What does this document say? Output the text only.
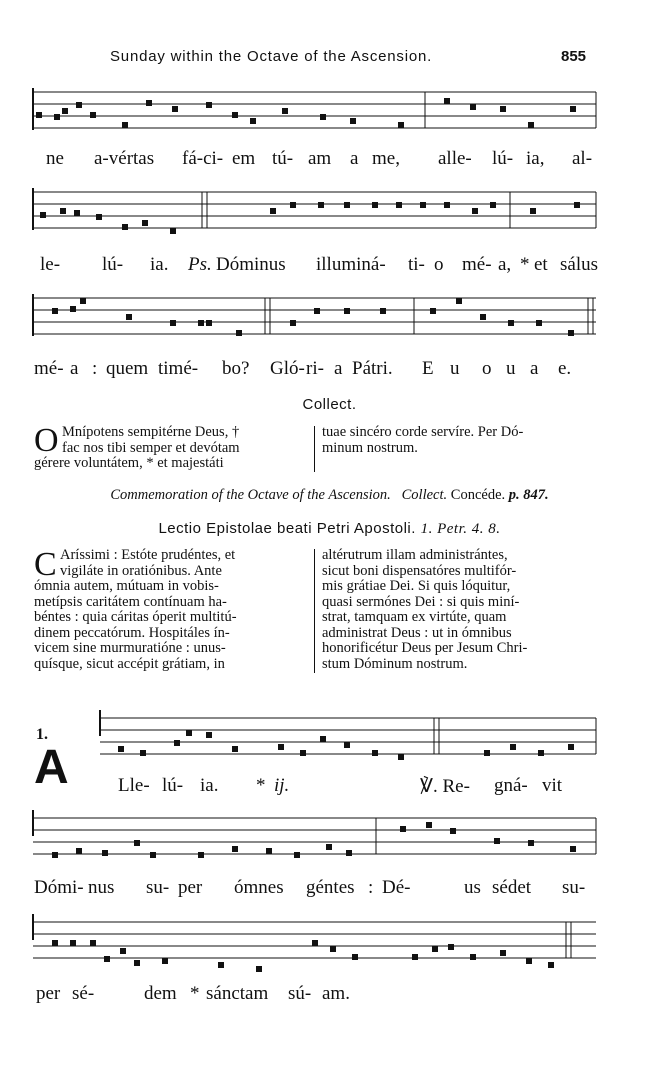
Sunday within the Octave of the Ascension.	855
ne a-vértas fá-ci- em tú- am a me, alle- lú- ia, al-
le- lú- ia. Ps. Dóminus illuminá- ti- o mé- a, * et sálus
mé- a : quem timé- bo? Gló- ri- a Pátri. E u o u a e.
Collect.
O Mnípotens sempitérne Deus, †

fac nos tibi semper et devótam

gérere voluntátem, * et majestáti

tuae sincéro corde servíre. Per Dó-

minum nostrum.

Commemoration of the Octave of the Ascension. Collect. Concéde. p. 847.
Lectio Epistolae beati Petri Apostoli. 1. Petr. 4. 8.
C Aríssimi : Estóte prudéntes, et

vigiláte in oratiónibus. Ante

ómnia autem, mútuam in vobis-

metípsis caritátem contínuam ha-

béntes : quia cáritas óperit multitú-

dinem peccatórum. Hospitáles ín-

vicem sine murmuratióne : unus-

quísque, sicut accépit grátiam, in

altérutrum illam administrántes,

sicut boni dispensatóres multifór-

mis grátiae Dei. Si quis lóquitur,

quasi sermónes Dei : si quis miní-

strat, tamquam ex virtúte, quam

administrat Deus : ut in ómnibus

honorificétur Deus per Jesum Chri-

stum Dóminum nostrum.

1.
A	Lle- lú- ia. * ij.	℣. Re- gná- vit
Dómi- nus su- per ómnes géntes : Dé-	us sédet su-
per sé-	dem * sánctam sú- am.
